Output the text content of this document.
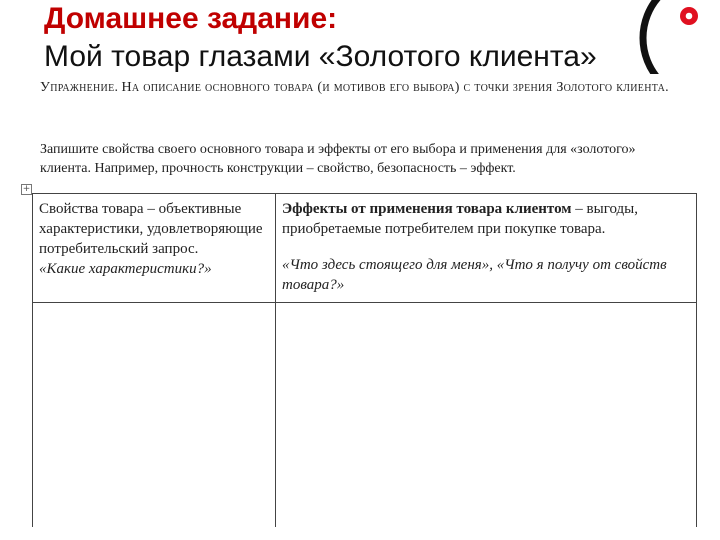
Домашнее задание:
Мой товар глазами «Золотого клиента»
Упражнение. На описание основного товара (и мотивов его выбора) с точки зрения Золотого клиента.
Запишите свойства своего основного товара и эффекты от его выбора и применения для «золотого» клиента. Например, прочность конструкции – свойство, безопасность – эффект.
+
Свойства товара – объективные характеристики, удовлетворяющие потребительский запрос.
«Какие характеристики?»	Эффекты от применения товара клиентом – выгоды, приобретаемые потребителем при покупке товара.
«Что здесь стоящего для меня», «Что я получу от свойств товара?»
